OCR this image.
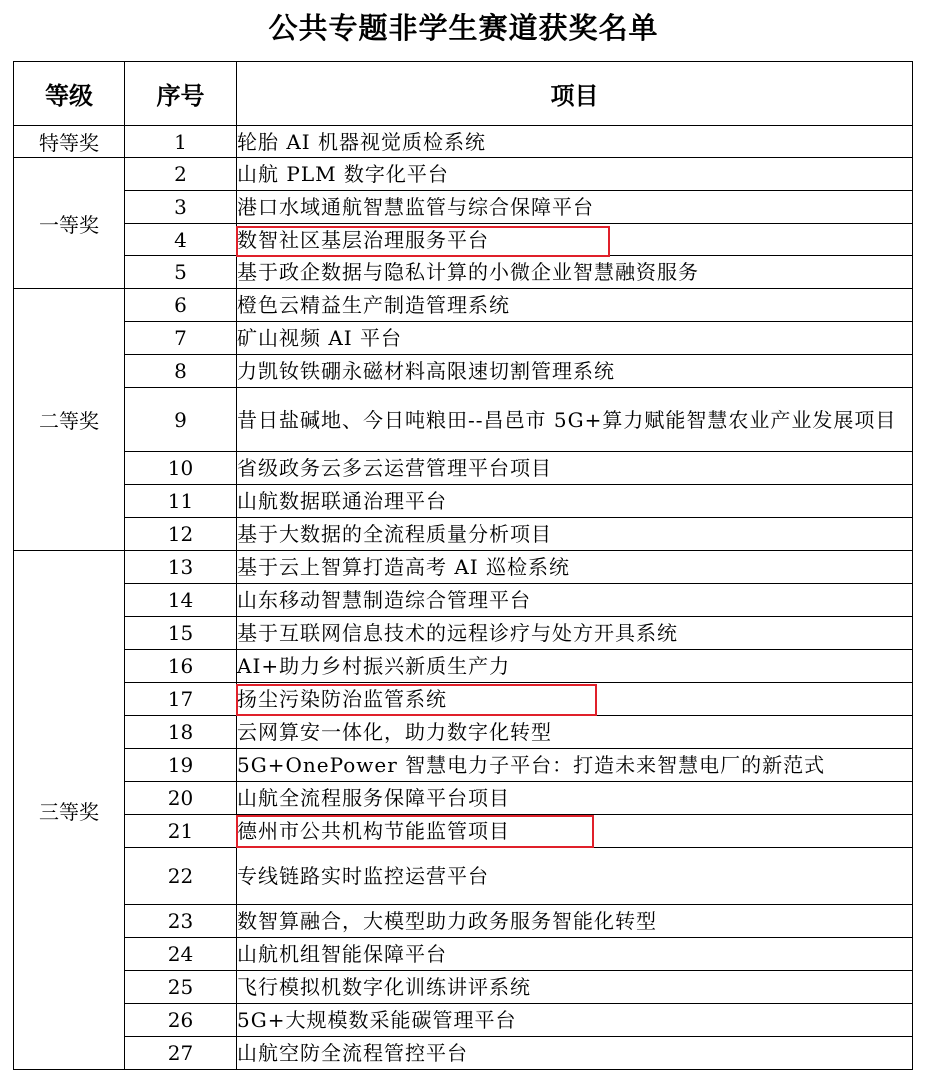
公共专题非学生赛道获奖名单
等级	序号	项目
特等奖	1	轮胎 AI 机器视觉质检系统
一等奖	2	山航 PLM 数字化平台
	3	港口水域通航智慧监管与综合保障平台
	4	数智社区基层治理服务平台
	5	基于政企数据与隐私计算的小微企业智慧融资服务
二等奖	6	橙色云精益生产制造管理系统
	7	矿山视频 AI 平台
	8	力凯钕铁硼永磁材料高限速切割管理系统
	9	昔日盐碱地、今日吨粮田--昌邑市 5G+算力赋能智慧农业产业发展项目
	10	省级政务云多云运营管理平台项目
	11	山航数据联通治理平台
	12	基于大数据的全流程质量分析项目
三等奖	13	基于云上智算打造高考 AI 巡检系统
	14	山东移动智慧制造综合管理平台
	15	基于互联网信息技术的远程诊疗与处方开具系统
	16	AI+助力乡村振兴新质生产力
	17	扬尘污染防治监管系统
	18	云网算安一体化，助力数字化转型
	19	5G+OnePower 智慧电力子平台：打造未来智慧电厂的新范式
	20	山航全流程服务保障平台项目
	21	德州市公共机构节能监管项目
	22	专线链路实时监控运营平台
	23	数智算融合，大模型助力政务服务智能化转型
	24	山航机组智能保障平台
	25	飞行模拟机数字化训练讲评系统
	26	5G+大规模数采能碳管理平台
	27	山航空防全流程管控平台
